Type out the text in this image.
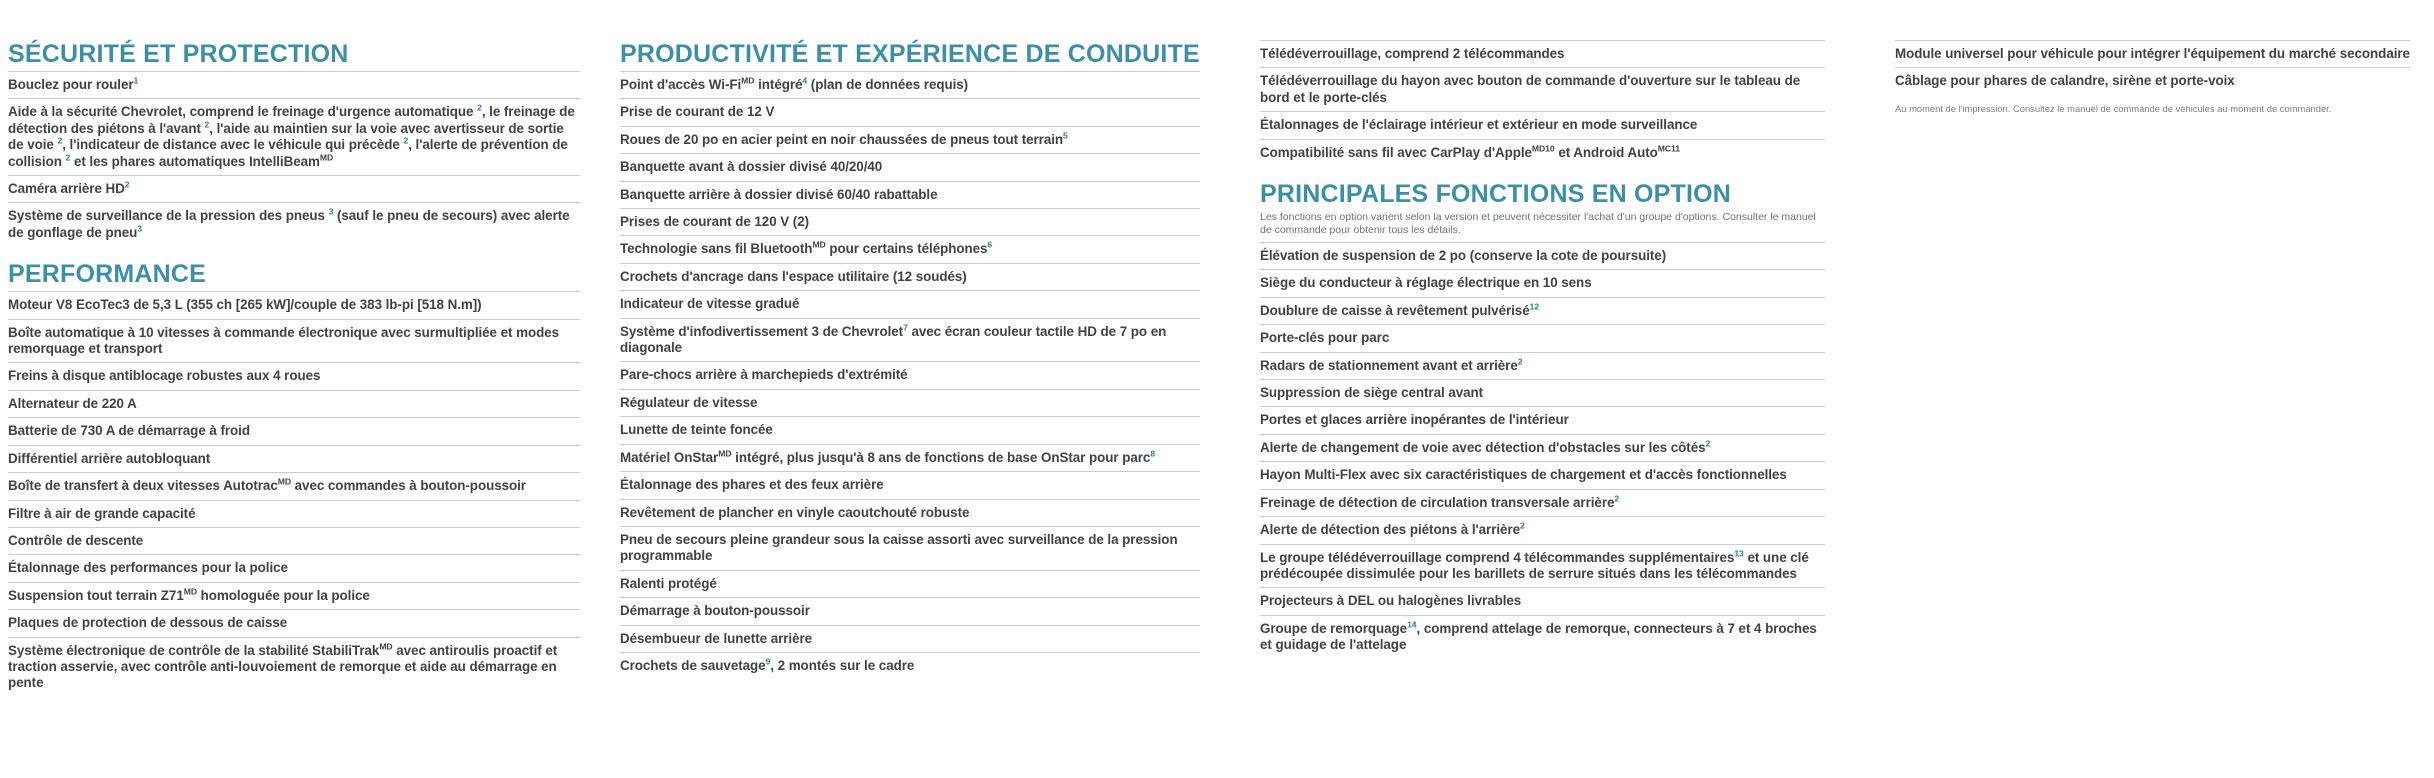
SÉCURITÉ ET PROTECTION
Bouclez pour rouler$^1$
Aide à la sécurité Chevrolet, comprend le freinage d'urgence automatique $^2$, le freinage de détection des piétons à l'avant $^2$, l'aide au maintien sur la voie avec avertisseur de sortie de voie $^2$, l'indicateur de distance avec le véhicule qui précède $^2$, l'alerte de prévention de collision $^2$ et les phares automatiques IntelliBeam$^{MD}$
Caméra arrière HD$^2$
Système de surveillance de la pression des pneus $^3$ (sauf le pneu de secours) avec alerte de gonflage de pneu$^3$
PERFORMANCE
Moteur V8 EcoTec3 de 5,3 L (355 ch [265 kW]/couple de 383 lb-pi [518 N.m])
Boîte automatique à 10 vitesses à commande électronique avec surmultipliée et modes remorquage et transport
Freins à disque antiblocage robustes aux 4 roues
Alternateur de 220 A
Batterie de 730 A de démarrage à froid
Différentiel arrière autobloquant
Boîte de transfert à deux vitesses Autotrac$^{MD}$ avec commandes à bouton-poussoir
Filtre à air de grande capacité
Contrôle de descente
Étalonnage des performances pour la police
Suspension tout terrain $Z71^{MD}$ homologuée pour la police
Plaques de protection de dessous de caisse
Système électronique de contrôle de la stabilité StabiliTrak$^{MD}$ avec antiroulis proactif et traction asservie, avec contrôle anti-louvoiement de remorque et aide au démarrage en pente
PRODUCTIVITÉ ET EXPÉRIENCE DE CONDUITE
Point d'accès $Wi-Fi^{MD}$ intégré$^4$ (plan de données requis)
Prise de courant de 12 V
Roues de 20 po en acier peint en noir chaussées de pneus tout terrain$^5$
Banquette avant à dossier divisé 40/20/40
Banquette arrière à dossier divisé 60/40 rabattable
Prises de courant de 120 V (2)
Technologie sans fil Bluetooth$^{MD}$ pour certains téléphones$^6$
Crochets d'ancrage dans l'espace utilitaire (12 soudés)
Indicateur de vitesse gradué
Système d'infodivertissement 3 de Chevrolet$^7$ avec écran couleur tactile HD de 7 po en diagonale
Pare-chocs arrière à marchepieds d'extrémité
Régulateur de vitesse
Lunette de teinte foncée
Matériel OnStar$^{MD}$ intégré, plus jusqu'à 8 ans de fonctions de base OnStar pour parc$^8$
Étalonnage des phares et des feux arrière
Revêtement de plancher en vinyle caoutchouté robuste
Pneu de secours pleine grandeur sous la caisse assorti avec surveillance de la pression programmable
Ralenti protégé
Démarrage à bouton-poussoir
Désembueur de lunette arrière
Crochets de sauvetage$^9$, 2 montés sur le cadre
Télédéverrouillage, comprend 2 télécommandes
Télédéverrouillage du hayon avec bouton de commande d'ouverture sur le tableau de bord et le porte-clés
Étalonnages de l'éclairage intérieur et extérieur en mode surveillance
Compatibilité sans fil avec CarPlay d'Apple$^{MD10}$ et Android Auto$^{MC11}$
PRINCIPALES FONCTIONS EN OPTION

Les fonctions en option varient selon la version et peuvent nécessiter l'achat d'un groupe d'options. Consulter le manuel de commande pour obtenir tous les détails.

Élévation de suspension de 2 po (conserve la cote de poursuite)
Siège du conducteur à réglage électrique en 10 sens
Doublure de caisse à revêtement pulvérisé$^{12}$
Porte-clés pour parc
Radars de stationnement avant et arrière$^2$
Suppression de siège central avant
Portes et glaces arrière inopérantes de l'intérieur
Alerte de changement de voie avec détection d'obstacles sur les côtés$^2$
Hayon Multi-Flex avec six caractéristiques de chargement et d'accès fonctionnelles
Freinage de détection de circulation transversale arrière$^2$
Alerte de détection des piétons à l'arrière$^2$
Le groupe télédéverrouillage comprend 4 télécommandes supplémentaires$^{13}$ et une clé prédécoupée dissimulée pour les barillets de serrure situés dans les télécommandes
Projecteurs à DEL ou halogènes livrables
Groupe de remorquage$^{14}$, comprend attelage de remorque, connecteurs à 7 et 4 broches et guidage de l'attelage
Module universel pour véhicule pour intégrer l'équipement du marché secondaire
Câblage pour phares de calandre, sirène et porte-voix

Au moment de l'impression. Consultez le manuel de commande de véhicules au moment de commander.
